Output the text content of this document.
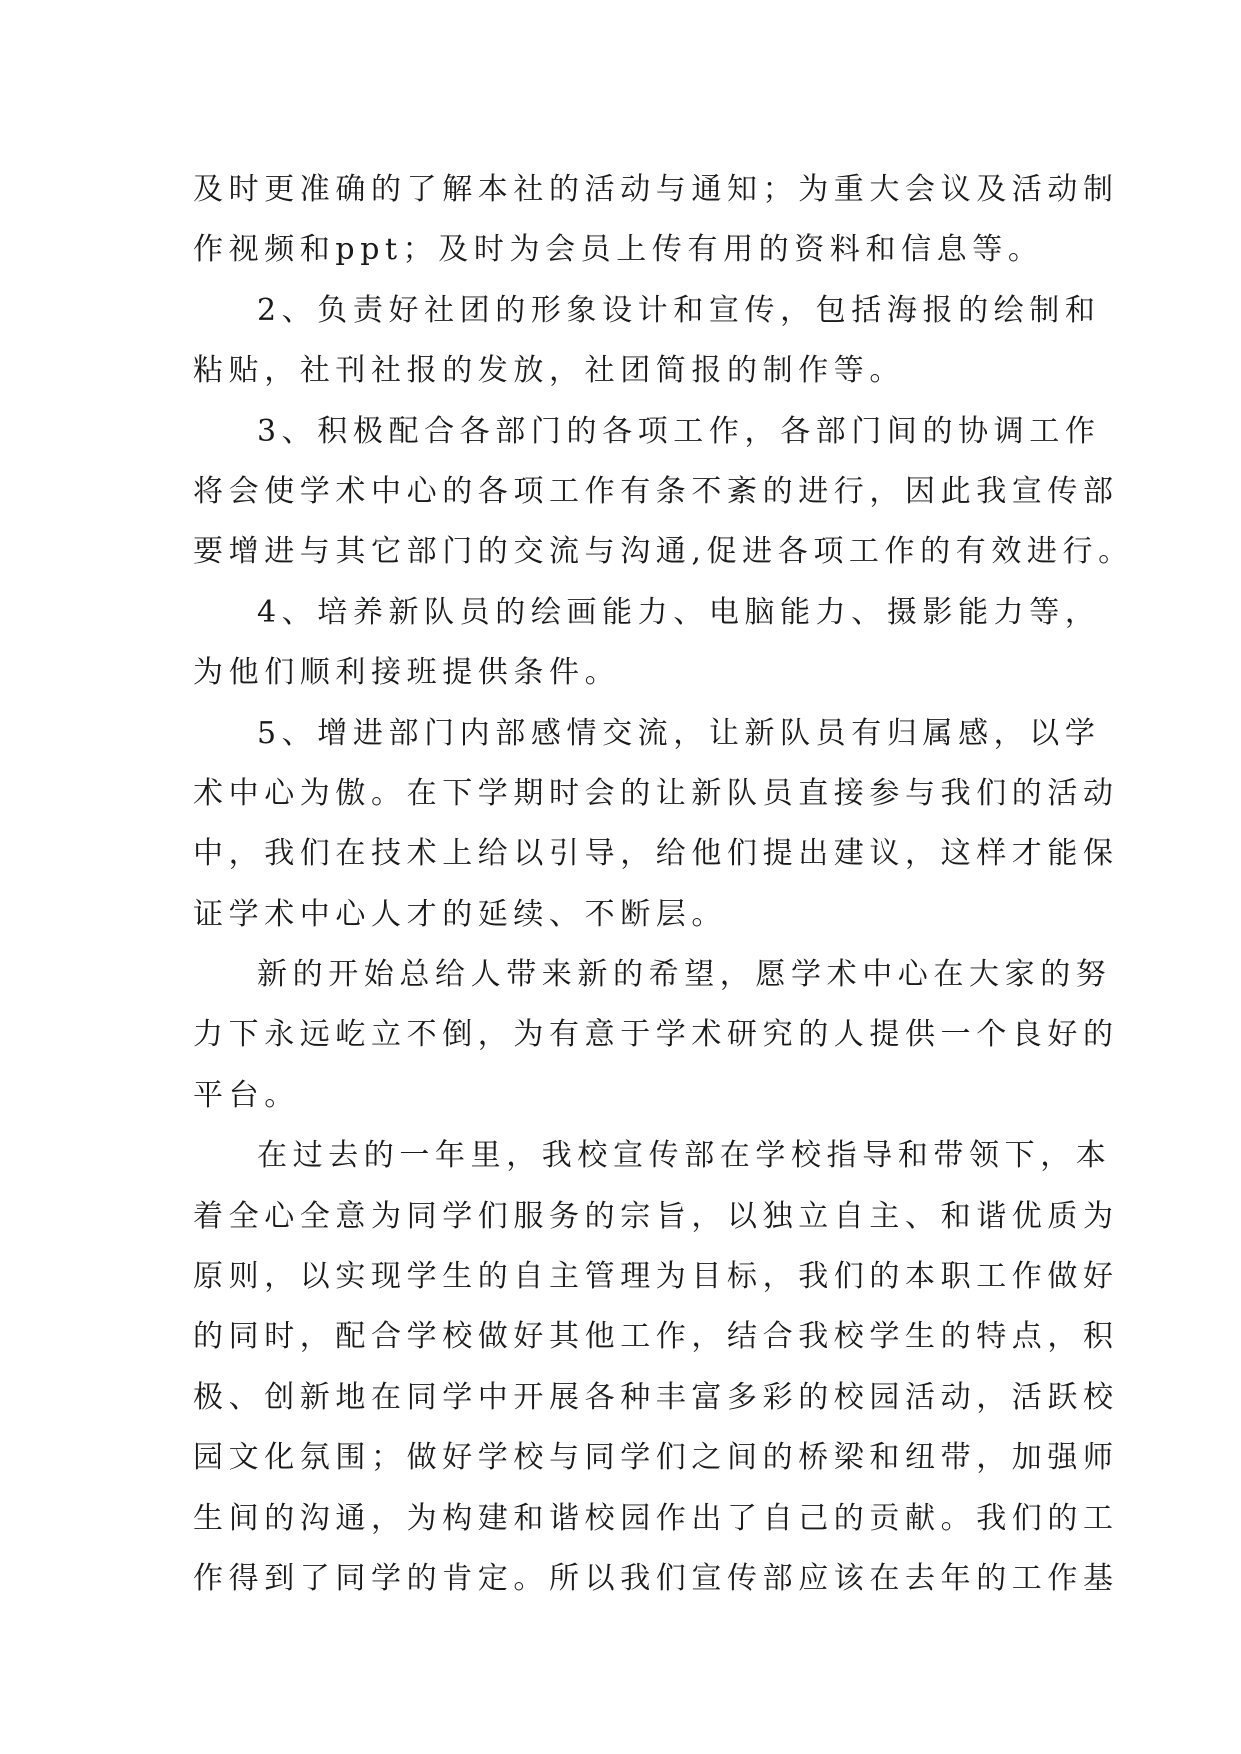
及时更准确的了解本社的活动与通知；为重大会议及活动制
作视频和ppt；及时为会员上传有用的资料和信息等。
2、负责好社团的形象设计和宣传，包括海报的绘制和
粘贴，社刊社报的发放，社团简报的制作等。
3、积极配合各部门的各项工作，各部门间的协调工作
将会使学术中心的各项工作有条不紊的进行，因此我宣传部
要增进与其它部门的交流与沟通,促进各项工作的有效进行。
4、培养新队员的绘画能力、电脑能力、摄影能力等，
为他们顺利接班提供条件。
5、增进部门内部感情交流，让新队员有归属感，以学
术中心为傲。在下学期时会的让新队员直接参与我们的活动
中，我们在技术上给以引导，给他们提出建议，这样才能保
证学术中心人才的延续、不断层。
新的开始总给人带来新的希望，愿学术中心在大家的努
力下永远屹立不倒，为有意于学术研究的人提供一个良好的
平台。
在过去的一年里，我校宣传部在学校指导和带领下，本
着全心全意为同学们服务的宗旨，以独立自主、和谐优质为
原则，以实现学生的自主管理为目标，我们的本职工作做好
的同时，配合学校做好其他工作，结合我校学生的特点，积
极、创新地在同学中开展各种丰富多彩的校园活动，活跃校
园文化氛围；做好学校与同学们之间的桥梁和纽带，加强师
生间的沟通，为构建和谐校园作出了自己的贡献。我们的工
作得到了同学的肯定。所以我们宣传部应该在去年的工作基
